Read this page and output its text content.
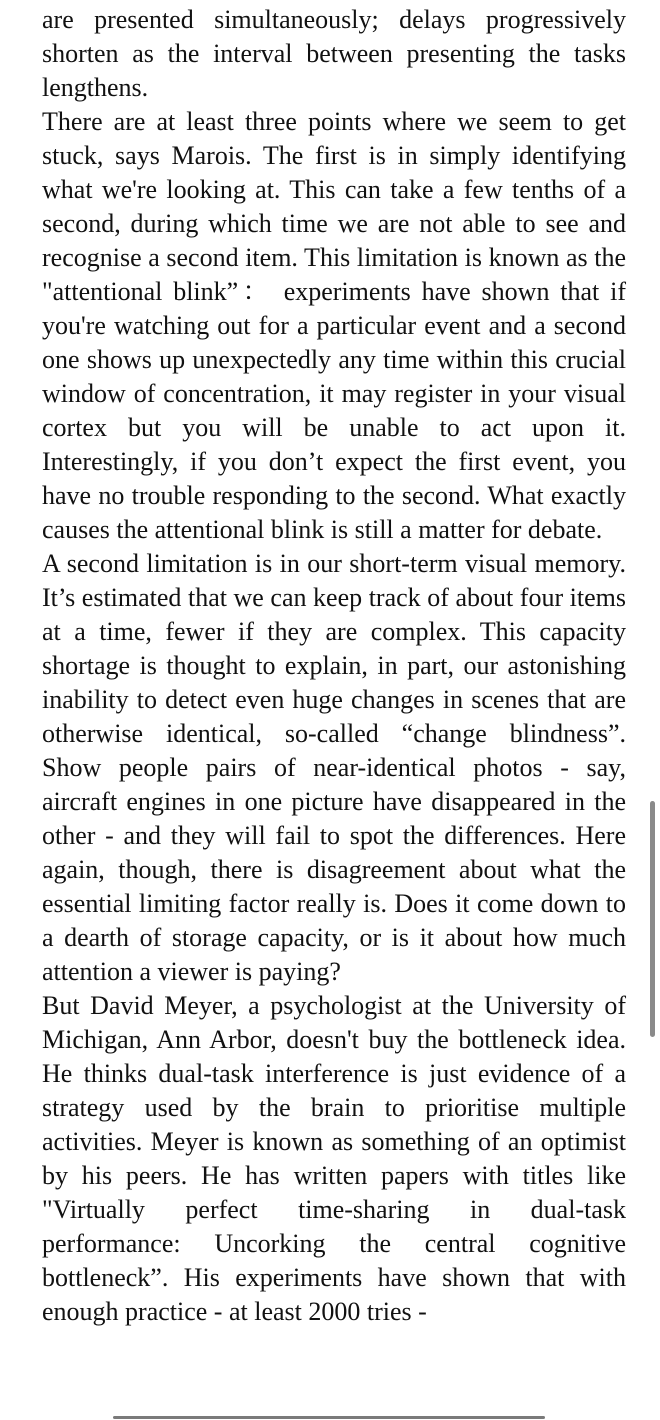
are presented simultaneously; delays progressively shorten as the interval between presenting the tasks lengthens.

There are at least three points where we seem to get stuck, says Marois. The first is in simply identifying what we're looking at. This can take a few tenths of a second, during which time we are not able to see and recognise a second item. This limitation is known as the "attentional blink”： experiments have shown that if you're watching out for a particular event and a second one shows up unexpectedly any time within this crucial window of concentration, it may register in your visual cortex but you will be unable to act upon it. Interestingly, if you don’t expect the first event, you have no trouble responding to the second. What exactly causes the attentional blink is still a matter for debate.

A second limitation is in our short-term visual memory. It’s estimated that we can keep track of about four items at a time, fewer if they are complex. This capacity shortage is thought to explain, in part, our astonishing inability to detect even huge changes in scenes that are otherwise identical, so-called “change blindness”. Show people pairs of near-identical photos - say, aircraft engines in one picture have disappeared in the other - and they will fail to spot the differences. Here again, though, there is disagreement about what the essential limiting factor really is. Does it come down to a dearth of storage capacity, or is it about how much attention a viewer is paying?

But David Meyer, a psychologist at the University of Michigan, Ann Arbor, doesn't buy the bottleneck idea. He thinks dual-task interference is just evidence of a strategy used by the brain to prioritise multiple activities. Meyer is known as something of an optimist by his peers. He has written papers with titles like "Virtually perfect time-sharing in dual-task performance: Uncorking the central cognitive bottleneck”. His experiments have shown that with enough practice - at least 2000 tries -
